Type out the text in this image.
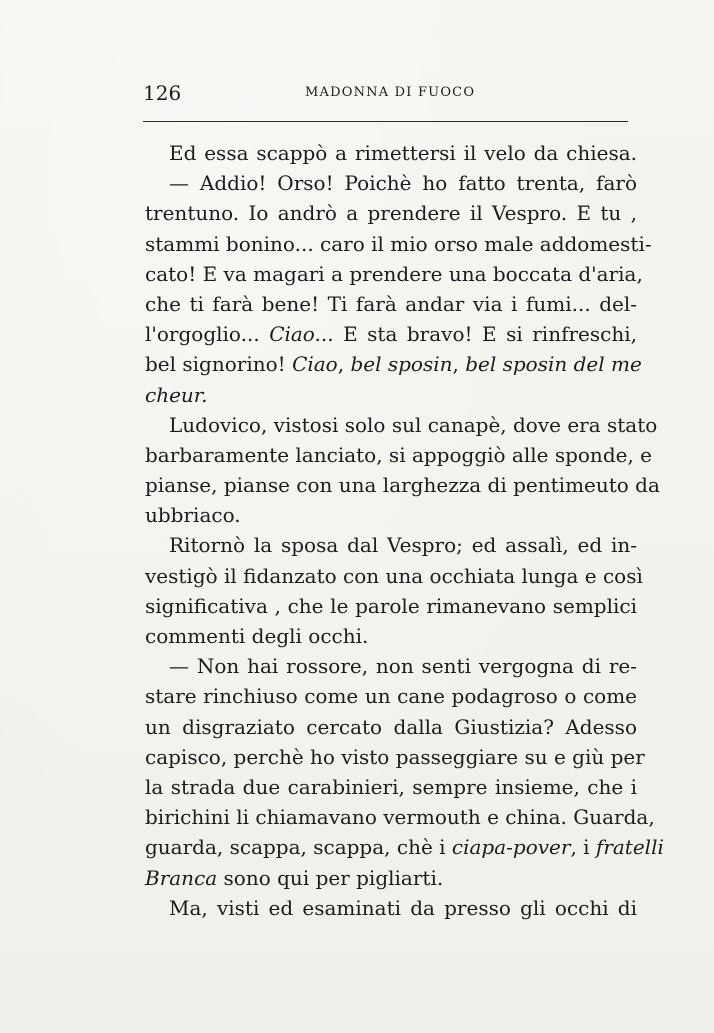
126	MADONNA DI FUOCO
Ed essa scappò a rimettersi il velo da chiesa.
— Addio! Orso! Poichè ho fatto trenta, farò
trentuno. Io andrò a prendere il Vespro. E tu ,
stammi bonino... caro il mio orso male addomesti-
cato! E va magari a prendere una boccata d'aria,
che ti farà bene! Ti farà andar via i fumi... del-
l'orgoglio... Ciao... E sta bravo! E si rinfreschi,
bel signorino! Ciao, bel sposin, bel sposin del me
cheur.
Ludovico, vistosi solo sul canapè, dove era stato
barbaramente lanciato, si appoggiò alle sponde, e
pianse, pianse con una larghezza di pentimeuto da
ubbriaco.
Ritornò la sposa dal Vespro; ed assalì, ed in-
vestigò il fidanzato con una occhiata lunga e così
significativa , che le parole rimanevano semplici
commenti degli occhi.
— Non hai rossore, non senti vergogna di re-
stare rinchiuso come un cane podagroso o come
un disgraziato cercato dalla Giustizia? Adesso
capisco, perchè ho visto passeggiare su e giù per
la strada due carabinieri, sempre insieme, che i
birichini li chiamavano vermouth e china. Guarda,
guarda, scappa, scappa, chè i ciapa-pover, i fratelli
Branca sono qui per pigliarti.
Ma, visti ed esaminati da presso gli occhi di
